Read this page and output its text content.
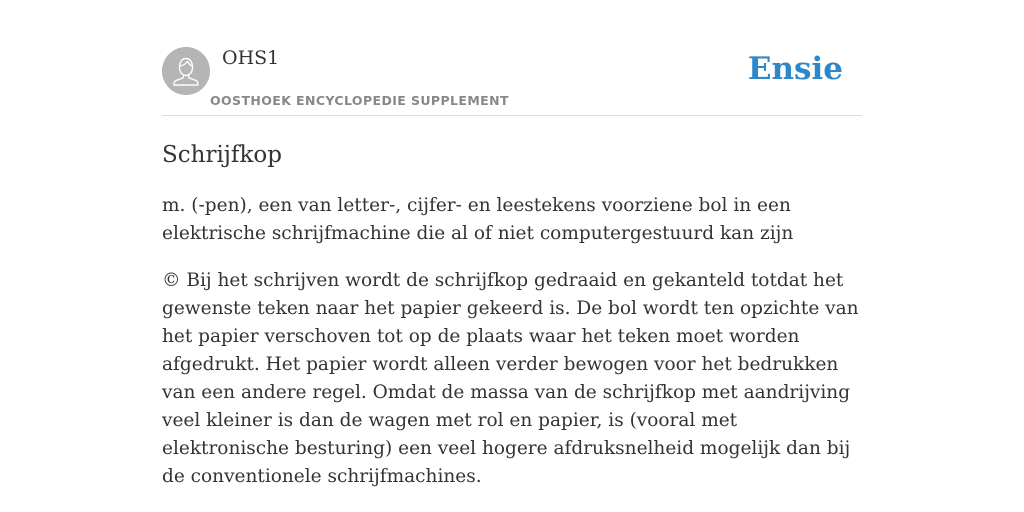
OHS1
OOSTHOEK ENCYCLOPEDIE SUPPLEMENT
Ensie
Schrijfkop

m. (-pen), een van letter-, cijfer- en leestekens voorziene bol in een elektrische schrijfmachine die al of niet computergestuurd kan zijn

© Bij het schrijven wordt de schrijfkop gedraaid en gekanteld totdat het gewenste teken naar het papier gekeerd is. De bol wordt ten opzichte van het papier verschoven tot op de plaats waar het teken moet worden afgedrukt. Het papier wordt alleen verder bewogen voor het bedrukken van een andere regel. Omdat de massa van de schrijfkop met aandrijving veel kleiner is dan de wagen met rol en papier, is (vooral met elektronische besturing) een veel hogere afdruksnelheid mogelijk dan bij de conventionele schrijfmachines.
